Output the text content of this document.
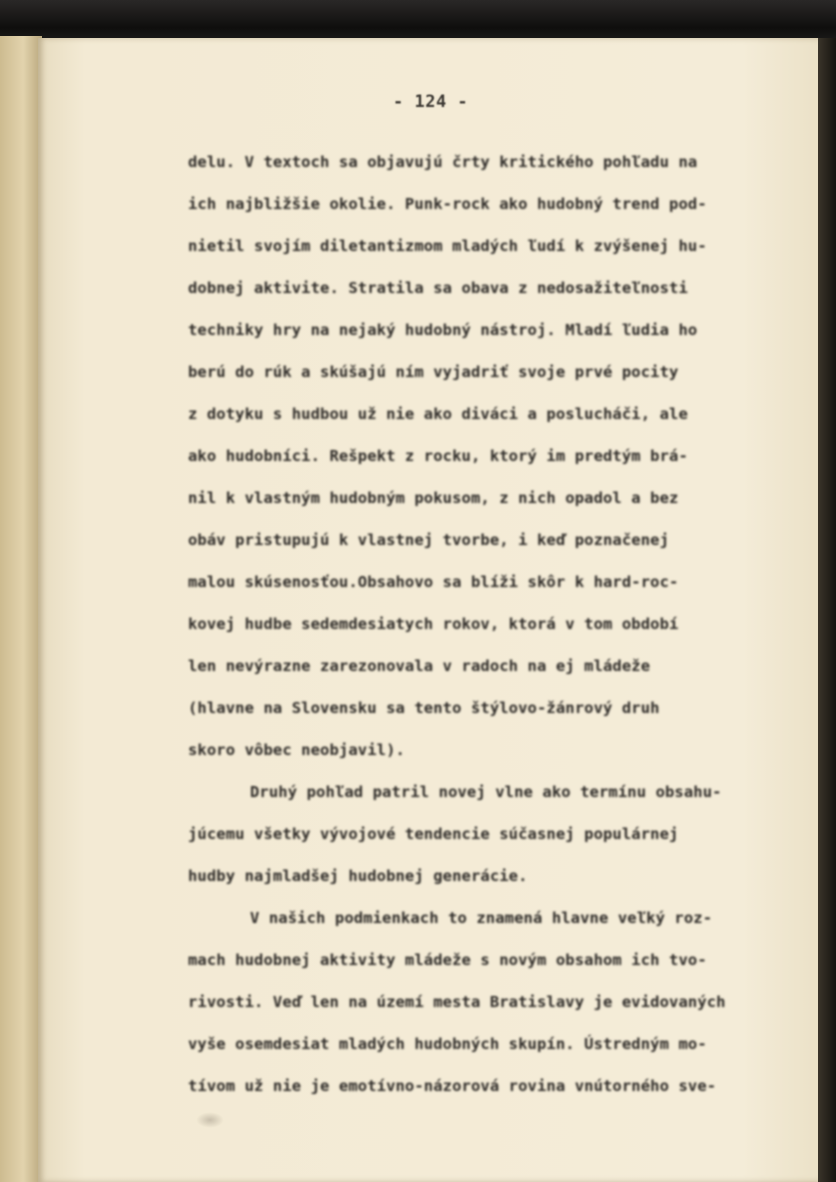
- 124 -

delu. V textoch sa objavujú črty kritického pohľadu na
ich najbližšie okolie. Punk-rock ako hudobný trend pod-
nietil svojím diletantizmom mladých ľudí k zvýšenej hu-
dobnej aktivite. Stratila sa obava z nedosažiteľnosti
techniky hry na nejaký hudobný nástroj. Mladí ľudia ho
berú do rúk a skúšajú ním vyjadriť svoje prvé pocity
z dotyku s hudbou už nie ako diváci a poslucháči, ale
ako hudobníci. Rešpekt z rocku, ktorý im predtým brá-
nil k vlastným hudobným pokusom, z nich opadol a bez
obáv pristupujú k vlastnej tvorbe, i keď poznačenej
malou skúsenosťou.Obsahovo sa blíži skôr k hard-roc-
kovej hudbe sedemdesiatych rokov, ktorá v tom období
len nevýrazne zarezonovala v radoch na ej mládeže
(hlavne na Slovensku sa tento štýlovo-žánrový druh
skoro vôbec neobjavil).
Druhý pohľad patril novej vlne ako termínu obsahu-
júcemu všetky vývojové tendencie súčasnej populárnej
hudby najmladšej hudobnej generácie.
V našich podmienkach to znamená hlavne veľký roz-
mach hudobnej aktivity mládeže s novým obsahom ich tvo-
rivosti. Veď len na území mesta Bratislavy je evidovaných
vyše osemdesiat mladých hudobných skupín. Ústredným mo-
tívom už nie je emotívno-názorová rovina vnútorného sve-
